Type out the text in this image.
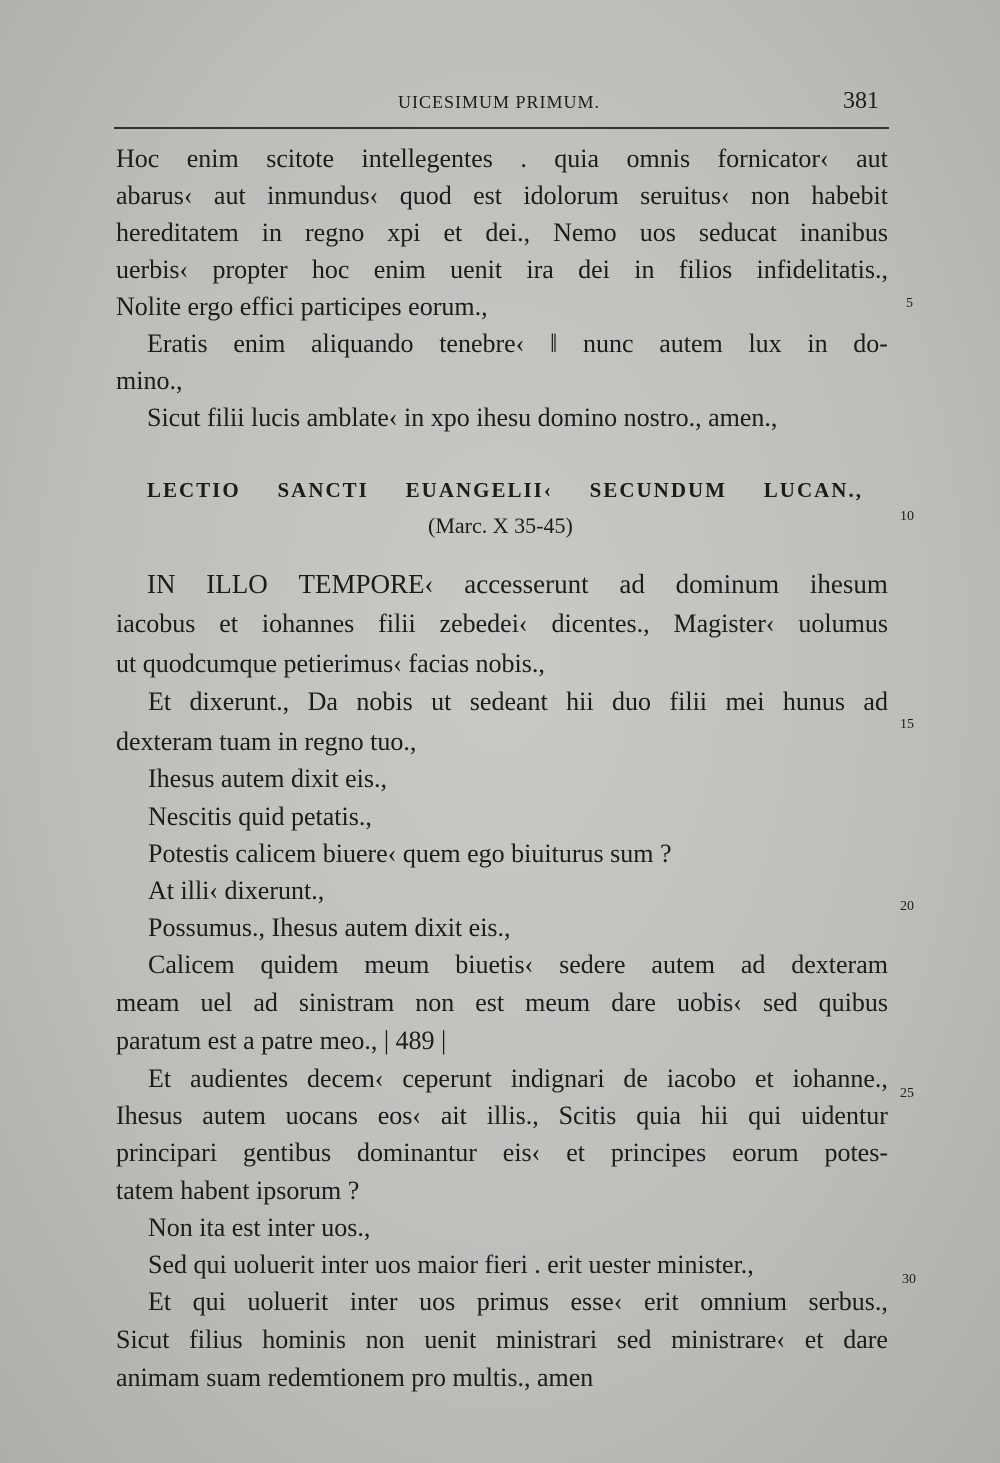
UICESIMUM PRIMUM.	381
Hoc enim scitote intellegentes . quia omnis fornicator‹ aut
abarus‹ aut inmundus‹ quod est idolorum seruitus‹ non habebit
hereditatem in regno xpi et dei., Nemo uos seducat inanibus
uerbis‹ propter hoc enim uenit ira dei in filios infidelitatis.,
Nolite ergo effici participes eorum.,
Eratis enim aliquando tenebre‹ ‖ nunc autem lux in do-
mino.,
Sicut filii lucis amblate‹ in xpo ihesu domino nostro., amen.,
LECTIO SANCTI EUANGELII‹ SECUNDUM LUCAN.,
(Marc. X 35-45)
IN ILLO TEMPORE‹ accesserunt ad dominum ihesum
iacobus et iohannes filii zebedei‹ dicentes., Magister‹ uolumus
ut quodcumque petierimus‹ facias nobis.,
Et dixerunt., Da nobis ut sedeant hii duo filii mei hunus ad
dexteram tuam in regno tuo.,
Ihesus autem dixit eis.,
Nescitis quid petatis.,
Potestis calicem biuere‹ quem ego biuiturus sum ?
At illi‹ dixerunt.,
Possumus., Ihesus autem dixit eis.,
Calicem quidem meum biuetis‹ sedere autem ad dexteram
meam uel ad sinistram non est meum dare uobis‹ sed quibus
paratum est a patre meo., | 489 |
Et audientes decem‹ ceperunt indignari de iacobo et iohanne.,
Ihesus autem uocans eos‹ ait illis., Scitis quia hii qui uidentur
principari gentibus dominantur eis‹ et principes eorum potes-
tatem habent ipsorum ?
Non ita est inter uos.,
Sed qui uoluerit inter uos maior fieri . erit uester minister.,
Et qui uoluerit inter uos primus esse‹ erit omnium serbus.,
Sicut filius hominis non uenit ministrari sed ministrare‹ et dare
animam suam redemtionem pro multis., amen
5
10
15
20
25
30
